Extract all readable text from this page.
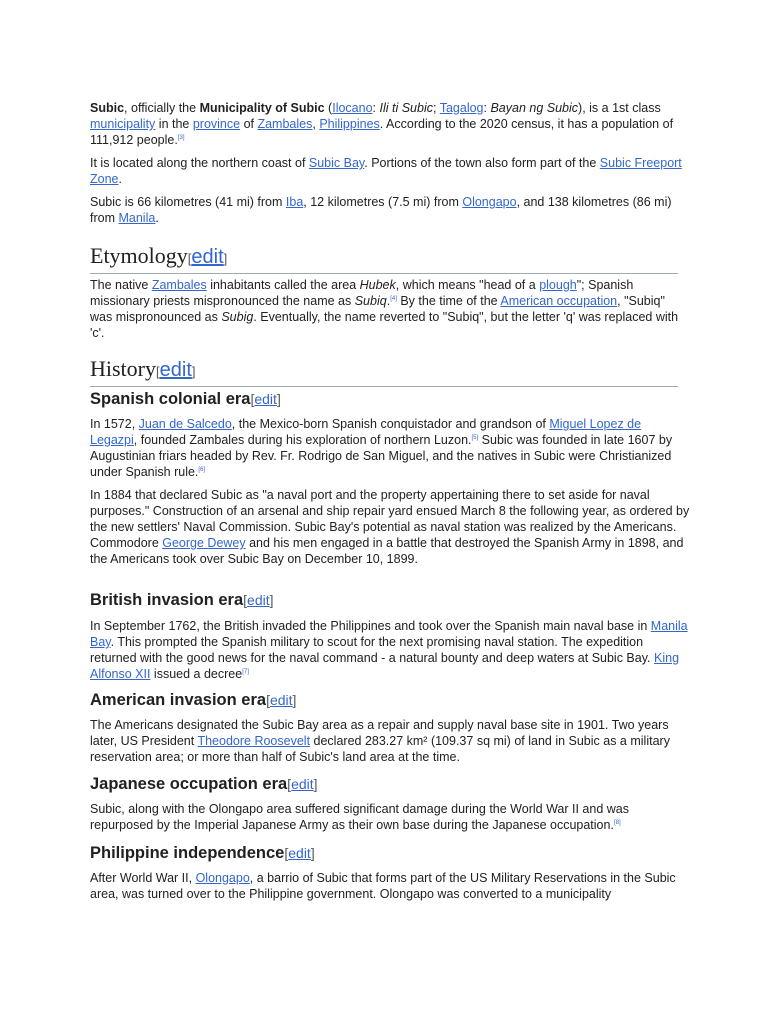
Subic, officially the Municipality of Subic (Ilocano: Ili ti Subic; Tagalog: Bayan ng Subic), is a 1st class municipality in the province of Zambales, Philippines. According to the 2020 census, it has a population of 111,912 people.[3]

It is located along the northern coast of Subic Bay. Portions of the town also form part of the Subic Freeport Zone.

Subic is 66 kilometres (41 mi) from Iba, 12 kilometres (7.5 mi) from Olongapo, and 138 kilometres (86 mi) from Manila.

Etymology[edit]

The native Zambales inhabitants called the area Hubek, which means "head of a plough"; Spanish missionary priests mispronounced the name as Subiq.[4] By the time of the American occupation, "Subiq" was mispronounced as Subig. Eventually, the name reverted to "Subiq", but the letter 'q' was replaced with 'c'.

History[edit]
Spanish colonial era[edit]

In 1572, Juan de Salcedo, the Mexico-born Spanish conquistador and grandson of Miguel Lopez de Legazpi, founded Zambales during his exploration of northern Luzon.[5] Subic was founded in late 1607 by Augustinian friars headed by Rev. Fr. Rodrigo de San Miguel, and the natives in Subic were Christianized under Spanish rule.[6]

In 1884 that declared Subic as "a naval port and the property appertaining there to set aside for naval purposes." Construction of an arsenal and ship repair yard ensued March 8 the following year, as ordered by the new settlers' Naval Commission. Subic Bay's potential as naval station was realized by the Americans. Commodore George Dewey and his men engaged in a battle that destroyed the Spanish Army in 1898, and the Americans took over Subic Bay on December 10, 1899.

British invasion era[edit]

In September 1762, the British invaded the Philippines and took over the Spanish main naval base in Manila Bay. This prompted the Spanish military to scout for the next promising naval station. The expedition returned with the good news for the naval command - a natural bounty and deep waters at Subic Bay. King Alfonso XII issued a decree[7]

American invasion era[edit]

The Americans designated the Subic Bay area as a repair and supply naval base site in 1901. Two years later, US President Theodore Roosevelt declared 283.27 km² (109.37 sq mi) of land in Subic as a military reservation area; or more than half of Subic's land area at the time.

Japanese occupation era[edit]

Subic, along with the Olongapo area suffered significant damage during the World War II and was repurposed by the Imperial Japanese Army as their own base during the Japanese occupation.[8]

Philippine independence[edit]

After World War II, Olongapo, a barrio of Subic that forms part of the US Military Reservations in the Subic area, was turned over to the Philippine government. Olongapo was converted to a municipality
